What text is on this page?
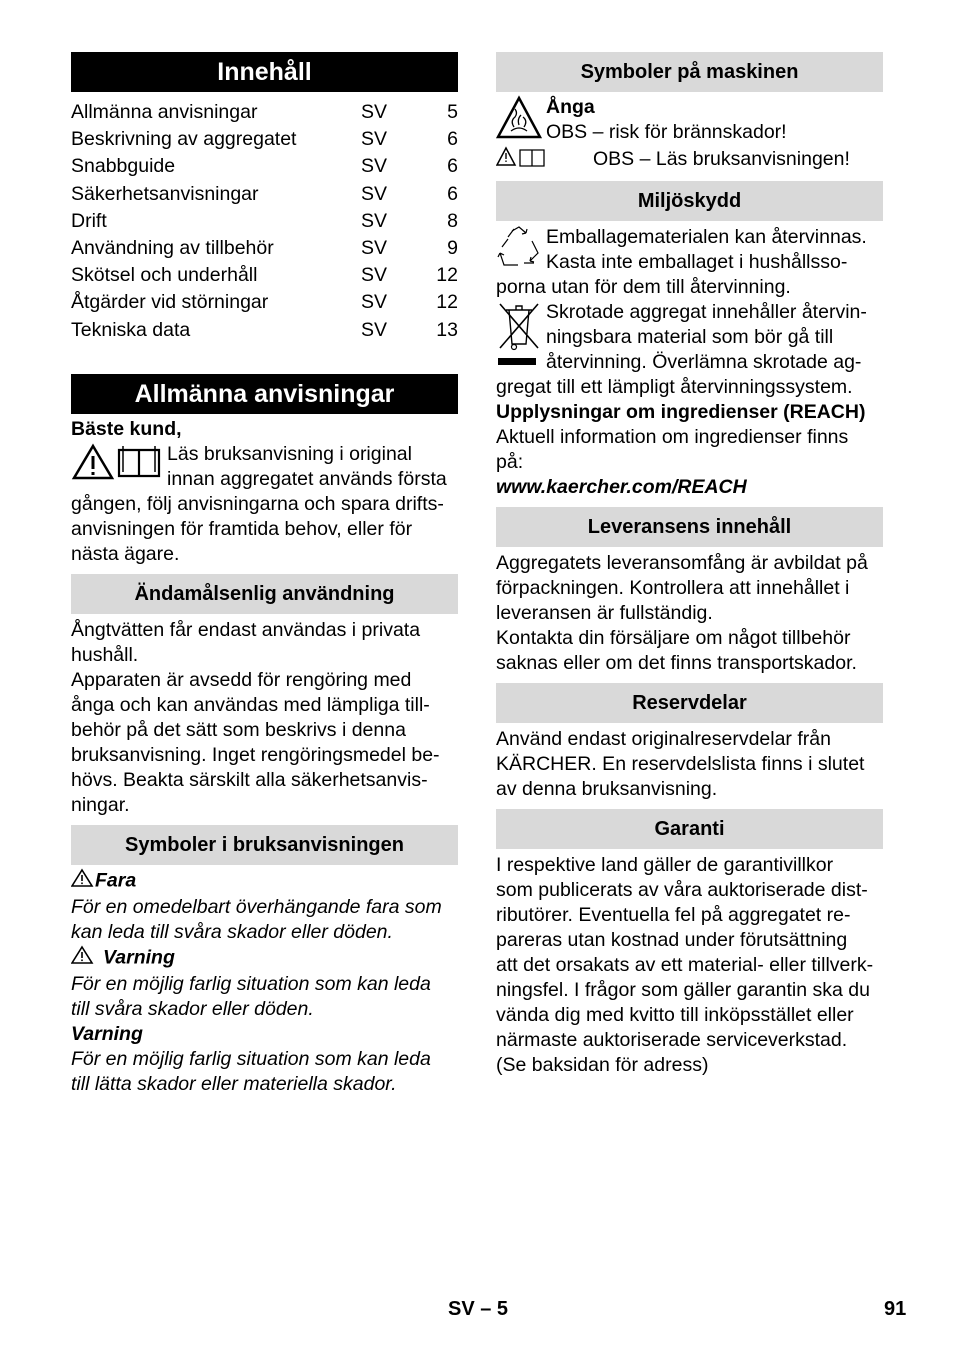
Innehåll
Allmänna anvisningar	SV	5
Beskrivning av aggregatet	SV	6
Snabbguide	SV	6
Säkerhetsanvisningar	SV	6
Drift	SV	8
Användning av tillbehör	SV	9
Skötsel och underhåll	SV	12
Åtgärder vid störningar	SV	12
Tekniska data	SV	13
Allmänna anvisningar

Bäste kund,

Läs bruksanvisning i original

innan aggregatet används första

gången, följ anvisningarna och spara drifts-

anvisningen för framtida behov, eller för

nästa ägare.

Ändamålsenlig användning

Ångtvätten får endast användas i privata

hushåll.

Apparaten är avsedd för rengöring med

ånga och kan användas med lämpliga till-

behör på det sätt som beskrivs i denna

bruksanvisning. Inget rengöringsmedel be-

hövs. Beakta särskilt alla säkerhetsanvis-

ningar.

Symboler i bruksanvisningen

Fara

För en omedelbart överhängande fara som

kan leda till svåra skador eller döden.

Varning

För en möjlig farlig situation som kan leda

till svåra skador eller döden.

Varning

För en möjlig farlig situation som kan leda

till lätta skador eller materiella skador.

Symboler på maskinen

Ånga

OBS – risk för brännskador!

OBS – Läs bruksanvisningen!

Miljöskydd

Emballagematerialen kan återvinnas.

Kasta inte emballaget i hushållsso-

porna utan för dem till återvinning.

Skrotade aggregat innehåller återvin-

ningsbara material som bör gå till

återvinning. Överlämna skrotade ag-

gregat till ett lämpligt återvinningssystem.

Upplysningar om ingredienser (REACH)

Aktuell information om ingredienser finns

på:

www.kaercher.com/REACH

Leveransens innehåll

Aggregatets leveransomfång är avbildat på

förpackningen. Kontrollera att innehållet i

leveransen är fullständig.

Kontakta din försäljare om något tillbehör

saknas eller om det finns transportskador.

Reservdelar

Använd endast originalreservdelar från

KÄRCHER. En reservdelslista finns i slutet

av denna bruksanvisning.

Garanti

I respektive land gäller de garantivillkor

som publicerats av våra auktoriserade dist-

ributörer. Eventuella fel på aggregatet re-

pareras utan kostnad under förutsättning

att det orsakats av ett material- eller tillverk-

ningsfel. I frågor som gäller garantin ska du

vända dig med kvitto till inköpsstället eller

närmaste auktoriserade serviceverkstad.

(Se baksidan för adress)

SV – 5	91
